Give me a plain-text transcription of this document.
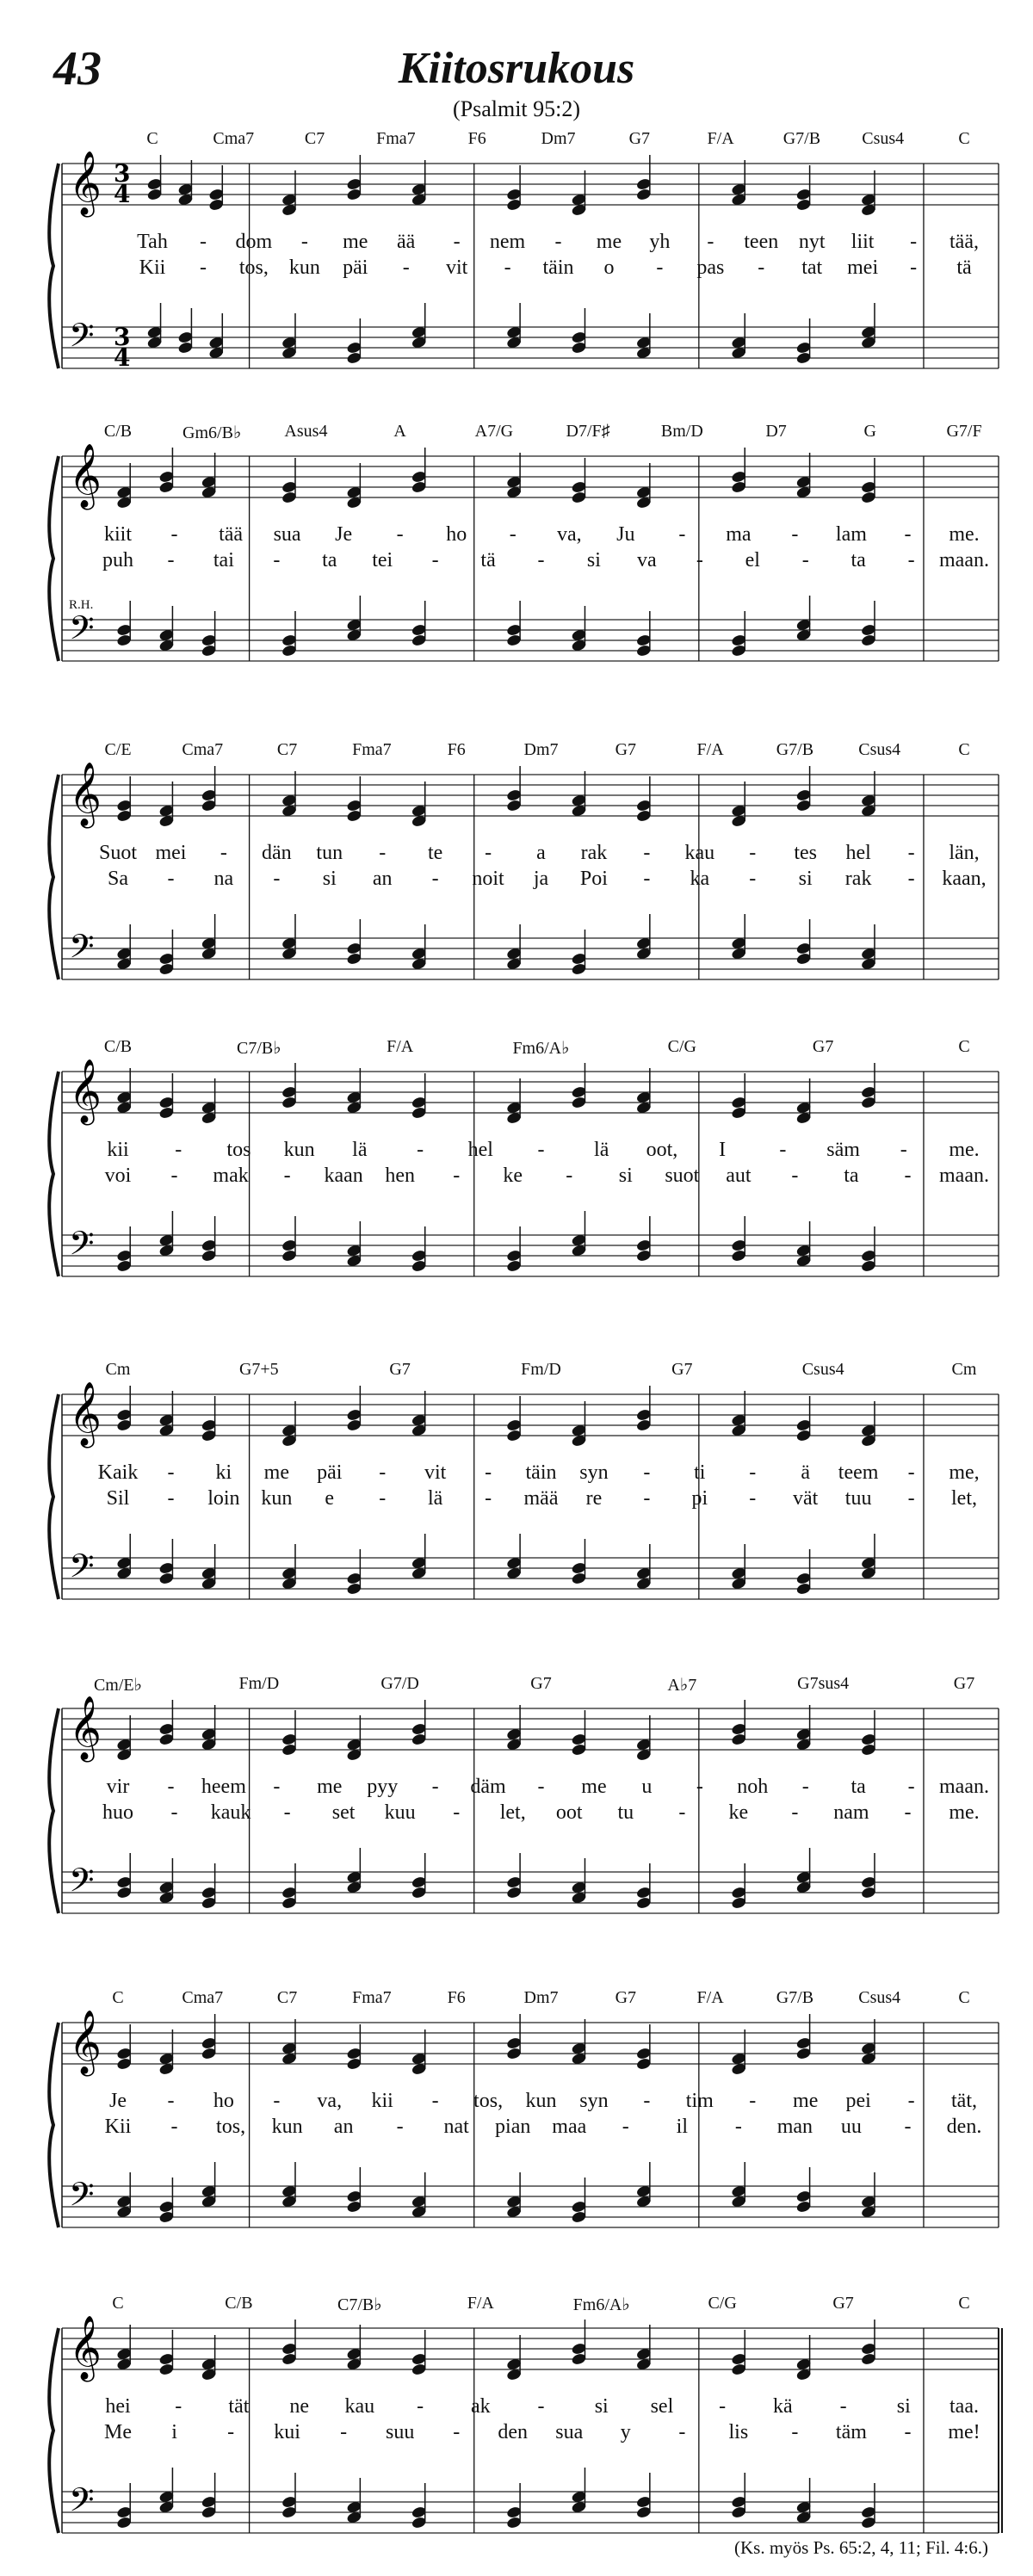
43	Kiitosrukous
(Psalmit 95:2)
𝄞 3
4
𝄢 3
4
C	Cma7	C7	Fma7	F6	Dm7	G7	F/A	G7/B Csus4	C
Tah - dom - me ää - nem - me yh - teen nyt liit - tää,
Kii - tos, kun päi - vit - täin o - pas - tat mei - tä
𝄞
𝄢
C/B	Gm6/B♭	Asus4	A	A7/G	D7/F♯	Bm/D	D7	G	G7/F
kiit - tää sua Je - ho - va, Ju - ma - lam - me.
puh - tai - ta tei - tä - si va - el - ta - maan.
R.H.
𝄞
𝄢
C/E	Cma7	C7	Fma7	F6	Dm7	G7	F/A	G7/B	Csus4	C
Suot mei - dän tun - te - a rak - kau - tes hel - län,
Sa - na - si an - noit ja Poi - ka - si rak - kaan,
𝄞
𝄢
C/B	C7/B♭	F/A	Fm6/A♭	C/G	G7	C
kii - tos kun lä - hel - lä oot, I	- säm - me.
voi - mak - kaan hen - ke - si suot aut - ta - maan.
𝄞
𝄢
Cm	G7+5	G7	Fm/D	G7	Csus4	Cm
Kaik - ki me päi - vit - täin syn - ti - ä teem - me,
Sil - loin kun e - lä - mää re - pi - vät tuu - let,
𝄞
𝄢
Cm/E♭	Fm/D	G7/D	G7	A♭7	G7sus4	G7
vir - heem - me pyy - däm - me u - noh - ta - maan.
huo - kauk - set kuu - let, oot tu - ke - nam - me.
𝄞
𝄢
C	Cma7	C7	Fma7	F6	Dm7	G7	F/A	G7/B	Csus4	C
Je - ho - va, kii - tos, kun syn - tim - me pei - tät,
Kii - tos, kun an - nat pian maa - il - man uu - den.
𝄞
𝄢
C	C/B	C7/B♭	F/A	Fm6/A♭	C/G	G7	C
hei - tät ne kau - ak - si sel - kä - si taa.
Me i - kui - suu - den sua y - lis - täm - me!
(Ks. myös Ps. 65:2, 4, 11; Fil. 4:6.)
